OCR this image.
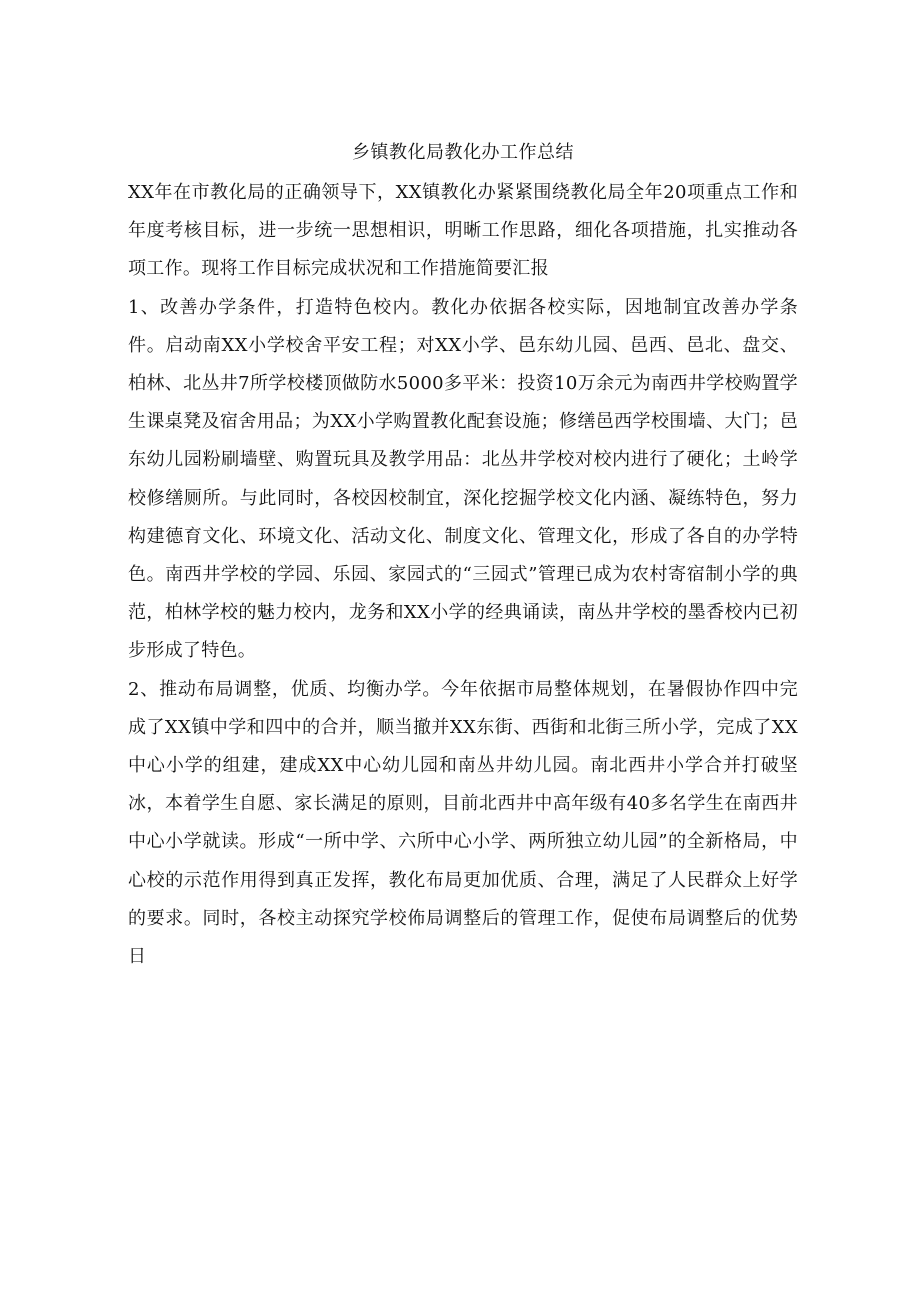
乡镇教化局教化办工作总结

XX年在市教化局的正确领导下，XX镇教化办紧紧围绕教化局全年20项重点工作和年度考核目标，进一步统一思想相识，明晰工作思路，细化各项措施，扎实推动各项工作。现将工作目标完成状况和工作措施简要汇报

1、改善办学条件，打造特色校内。教化办依据各校实际，因地制宜改善办学条件。启动南XX小学校舍平安工程；对XX小学、邑东幼儿园、邑西、邑北、盘交、柏林、北丛井7所学校楼顶做防水5000多平米：投资10万余元为南西井学校购置学生课桌凳及宿舍用品；为XX小学购置教化配套设施；修缮邑西学校围墙、大门；邑东幼儿园粉刷墙壁、购置玩具及教学用品：北丛井学校对校内进行了硬化；土岭学校修缮厕所。与此同时，各校因校制宜，深化挖掘学校文化内涵、凝练特色，努力构建德育文化、环境文化、活动文化、制度文化、管理文化，形成了各自的办学特色。南西井学校的学园、乐园、家园式的“三园式”管理已成为农村寄宿制小学的典范，柏林学校的魅力校内，龙务和XX小学的经典诵读，南丛井学校的墨香校内已初步形成了特色。

2、推动布局调整，优质、均衡办学。今年依据市局整体规划，在暑假协作四中完成了XX镇中学和四中的合并，顺当撤并XX东街、西街和北街三所小学，完成了XX中心小学的组建，建成XX中心幼儿园和南丛井幼儿园。南北西井小学合并打破坚冰，本着学生自愿、家长满足的原则，目前北西井中高年级有40多名学生在南西井中心小学就读。形成“一所中学、六所中心小学、两所独立幼儿园”的全新格局，中心校的示范作用得到真正发挥，教化布局更加优质、合理，满足了人民群众上好学的要求。同时，各校主动探究学校佈局调整后的管理工作，促使布局调整后的优势日
